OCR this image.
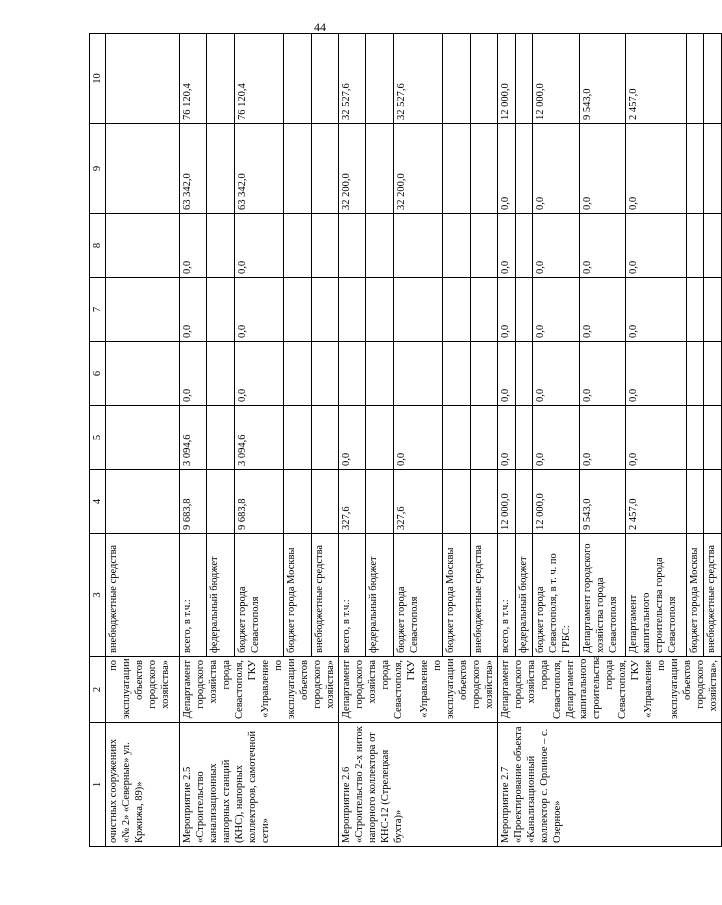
44
1	2	3	4	5	6	7	8	9	10
очистных сооружениях «№ 2» «Северные» ул. Кржижа, 89)»	по эксплуатации объектов городского хозяйства»	внебюджетные средства							
Мероприятие 2.5 «Строительство канализационных напорных станций (КНС), напорных коллекторов, самотечной сети»	Департамент городского хозяйства города Севастополя, ГКУ «Управление по эксплуатации объектов городского хозяйства»	всего, в т.ч.:	9 683,8	3 094,6	0,0	0,0	0,0	63 342,0	76 120,4
		федеральный бюджет							
		бюджет города Севастополя	9 683,8	3 094,6	0,0	0,0	0,0	63 342,0	76 120,4
		бюджет города Москвы							
		внебюджетные средства							
Мероприятие 2.6 «Строительство 2-х ниток напорного коллектора от КНС-12 (Стрелецкая бухта)»	Департамент городского хозяйства города Севастополя, ГКУ «Управление по эксплуатации объектов городского хозяйства»	всего, в т.ч.:	327,6	0,0				32 200,0	32 527,6
		федеральный бюджет							
		бюджет города Севастополя	327,6	0,0				32 200,0	32 527,6
		бюджет города Москвы							
		внебюджетные средства							
Мероприятие 2.7 «Проектирование объекта «Канализационный коллектор с. Орлиное – с. Озерное»	Департамент городского хозяйства города Севастополя, Департамент капитального строительства города Севастополя, ГКУ «Управление по эксплуатации объектов городского хозяйства»,	всего, в т.ч.:	12 000,0	0,0	0,0	0,0	0,0	0,0	12 000,0
		федеральный бюджет							
		бюджет города Севастополя, в т. ч. по ГРБС:	12 000,0	0,0	0,0	0,0	0,0	0,0	12 000,0
		Департамент городского хозяйства города Севастополя	9 543,0	0,0	0,0	0,0	0,0	0,0	9 543,0
		Департамент капитального строительства города Севастополя	2 457,0	0,0	0,0	0,0	0,0	0,0	2 457,0
		бюджет города Москвы							
		внебюджетные средства							
